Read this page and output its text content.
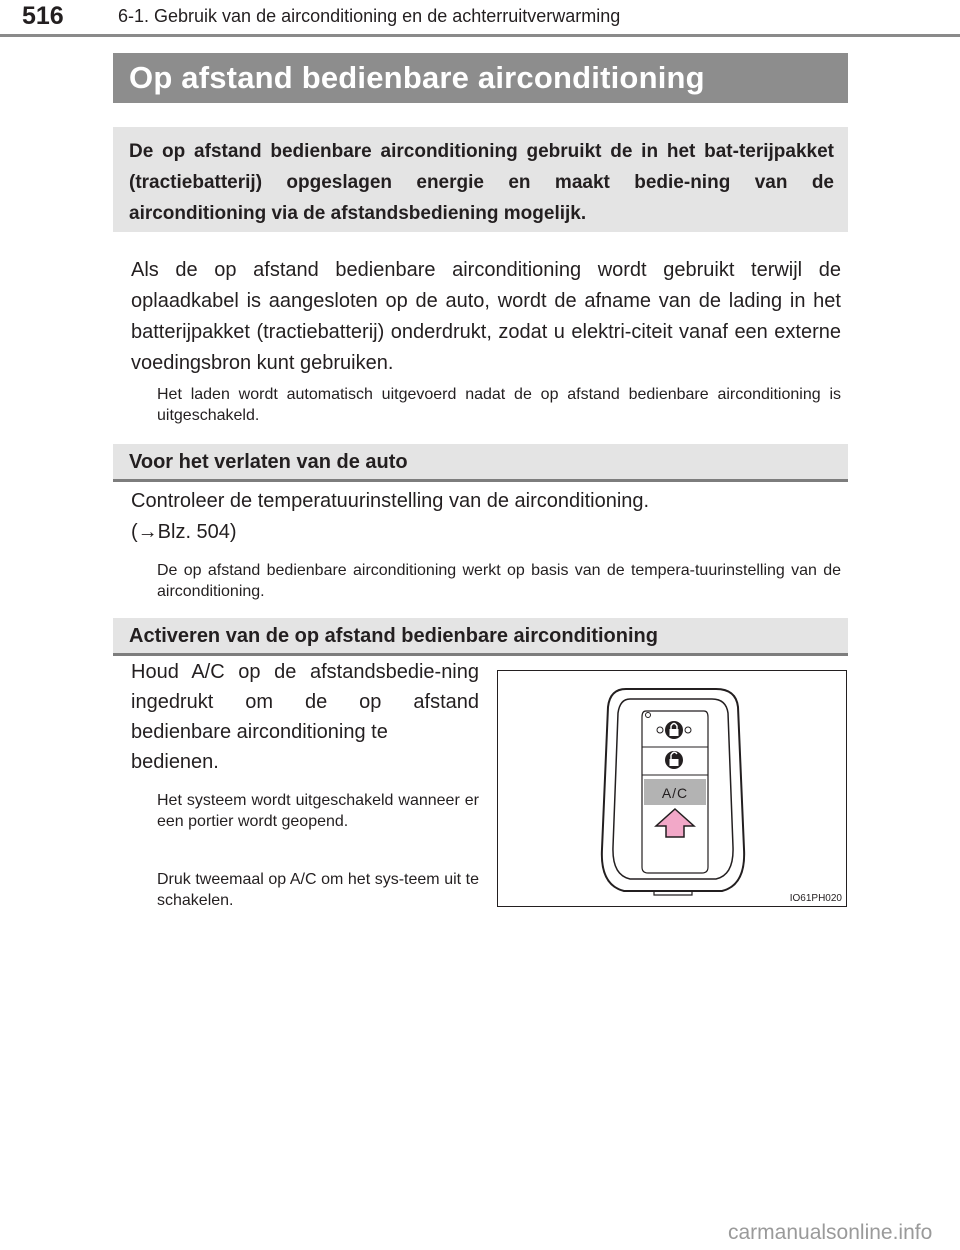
516	6-1. Gebruik van de airconditioning en de achterruitverwarming
Op afstand bedienbare airconditioning
De op afstand bedienbare airconditioning gebruikt de in het bat-terijpakket (tractiebatterij) opgeslagen energie en maakt bedie-ning van de airconditioning via de afstandsbediening mogelijk.
Als de op afstand bedienbare airconditioning wordt gebruikt terwijl de oplaadkabel is aangesloten op de auto, wordt de afname van de lading in het batterijpakket (tractiebatterij) onderdrukt, zodat u elektri-citeit vanaf een externe voedingsbron kunt gebruiken.
Het laden wordt automatisch uitgevoerd nadat de op afstand bedienbare airconditioning is uitgeschakeld.
Voor het verlaten van de auto
Controleer de temperatuurinstelling van de airconditioning.
(→Blz. 504)
De op afstand bedienbare airconditioning werkt op basis van de tempera-tuurinstelling van de airconditioning.
Activeren van de op afstand bedienbare airconditioning
Houd A/C op de afstandsbedie-ning ingedrukt om de op afstand bedienbare airconditioning te
bedienen.
Het systeem wordt uitgeschakeld wanneer er een portier wordt geopend.
Druk tweemaal op A/C om het sys-teem uit te schakelen.
A/C
IO61PH020
carmanualsonline.info
